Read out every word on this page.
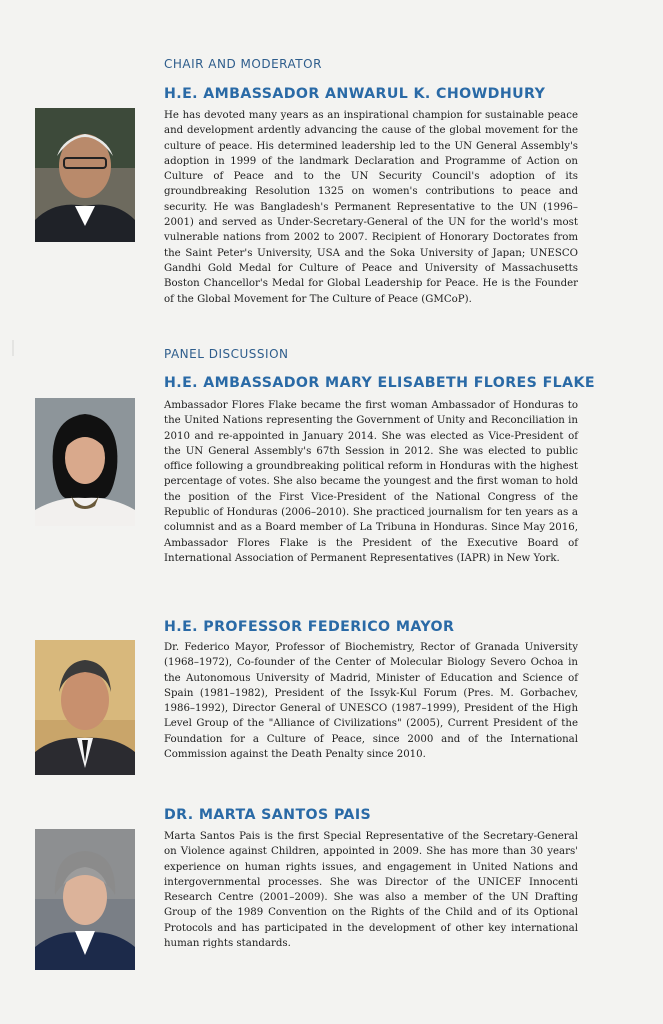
CHAIR AND MODERATOR
H.E. AMBASSADOR ANWARUL K. CHOWDHURY

He has devoted many years as an inspirational champion for sustainable peace and development ardently advancing the cause of the global movement for the culture of peace. His determined leadership led to the UN General Assembly's adoption in 1999 of the landmark Declaration and Programme of Action on Culture of Peace and to the UN Security Council's adoption of its groundbreaking Resolution 1325 on women's contributions to peace and security. He was Bangladesh's Permanent Representative to the UN (1996–2001) and served as Under-Secretary-General of the UN for the world's most vulnerable nations from 2002 to 2007. Recipient of Honorary Doctorates from the Saint Peter's University, USA and the Soka University of Japan; UNESCO Gandhi Gold Medal for Culture of Peace and University of Massachusetts Boston Chancellor's Medal for Global Leadership for Peace. He is the Founder of the Global Movement for The Culture of Peace (GMCoP).

PANEL DISCUSSION
H.E. AMBASSADOR MARY ELISABETH FLORES FLAKE

Ambassador Flores Flake became the first woman Ambassador of Honduras to the United Nations representing the Government of Unity and Reconciliation in 2010 and re-appointed in January 2014. She was elected as Vice-President of the UN General Assembly's 67th Session in 2012. She was elected to public office following a groundbreaking political reform in Honduras with the highest percentage of votes. She also became the youngest and the first woman to hold the position of the First Vice-President of the National Congress of the Republic of Honduras (2006–2010). She practiced journalism for ten years as a columnist and as a Board member of La Tribuna in Honduras. Since May 2016, Ambassador Flores Flake is the President of the Executive Board of International Association of Permanent Representatives (IAPR) in New York.

H.E. PROFESSOR FEDERICO MAYOR

Dr. Federico Mayor, Professor of Biochemistry, Rector of Granada University (1968–1972), Co-founder of the Center of Molecular Biology Severo Ochoa in the Autonomous University of Madrid, Minister of Education and Science of Spain (1981–1982), President of the Issyk-Kul Forum (Pres. M. Gorbachev, 1986–1992), Director General of UNESCO (1987–1999), President of the High Level Group of the "Alliance of Civilizations" (2005), Current President of the Foundation for a Culture of Peace, since 2000 and of the International Commission against the Death Penalty since 2010.

DR. MARTA SANTOS PAIS

Marta Santos Pais is the first Special Representative of the Secretary-General on Violence against Children, appointed in 2009. She has more than 30 years' experience on human rights issues, and engagement in United Nations and intergovernmental processes. She was Director of the UNICEF Innocenti Research Centre (2001–2009). She was also a member of the UN Drafting Group of the 1989 Convention on the Rights of the Child and of its Optional Protocols and has participated in the development of other key international human rights standards.
